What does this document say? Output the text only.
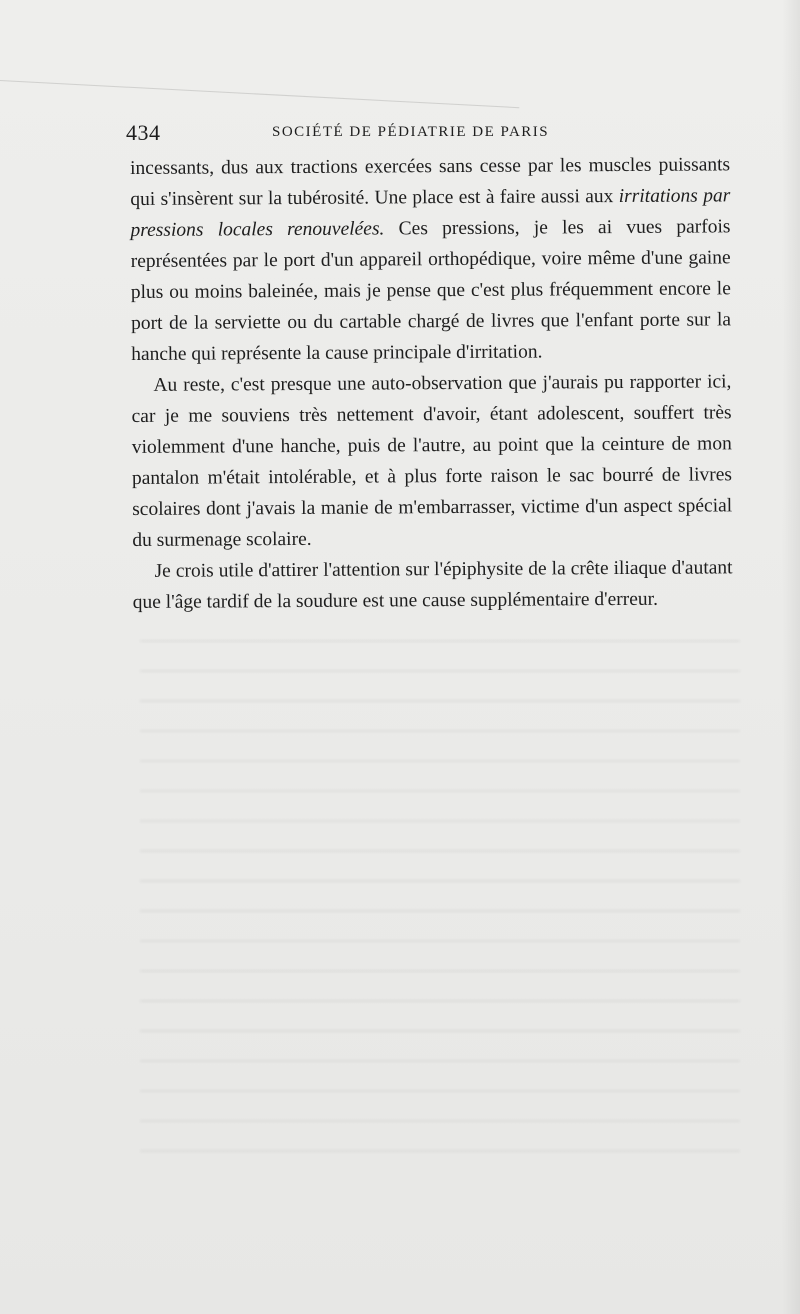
434	SOCIÉTÉ DE PÉDIATRIE DE PARIS

incessants, dus aux tractions exercées sans cesse par les muscles puissants qui s'insèrent sur la tubérosité. Une place est à faire aussi aux irritations par pressions locales renouvelées. Ces pressions, je les ai vues parfois représentées par le port d'un appareil orthopédique, voire même d'une gaine plus ou moins baleinée, mais je pense que c'est plus fréquemment encore le port de la serviette ou du cartable chargé de livres que l'enfant porte sur la hanche qui représente la cause principale d'irritation.

Au reste, c'est presque une auto-observation que j'aurais pu rapporter ici, car je me souviens très nettement d'avoir, étant adolescent, souffert très violemment d'une hanche, puis de l'autre, au point que la ceinture de mon pantalon m'était intolérable, et à plus forte raison le sac bourré de livres scolaires dont j'avais la manie de m'embarrasser, victime d'un aspect spécial du surmenage scolaire.

Je crois utile d'attirer l'attention sur l'épiphysite de la crête iliaque d'autant que l'âge tardif de la soudure est une cause supplémentaire d'erreur.
